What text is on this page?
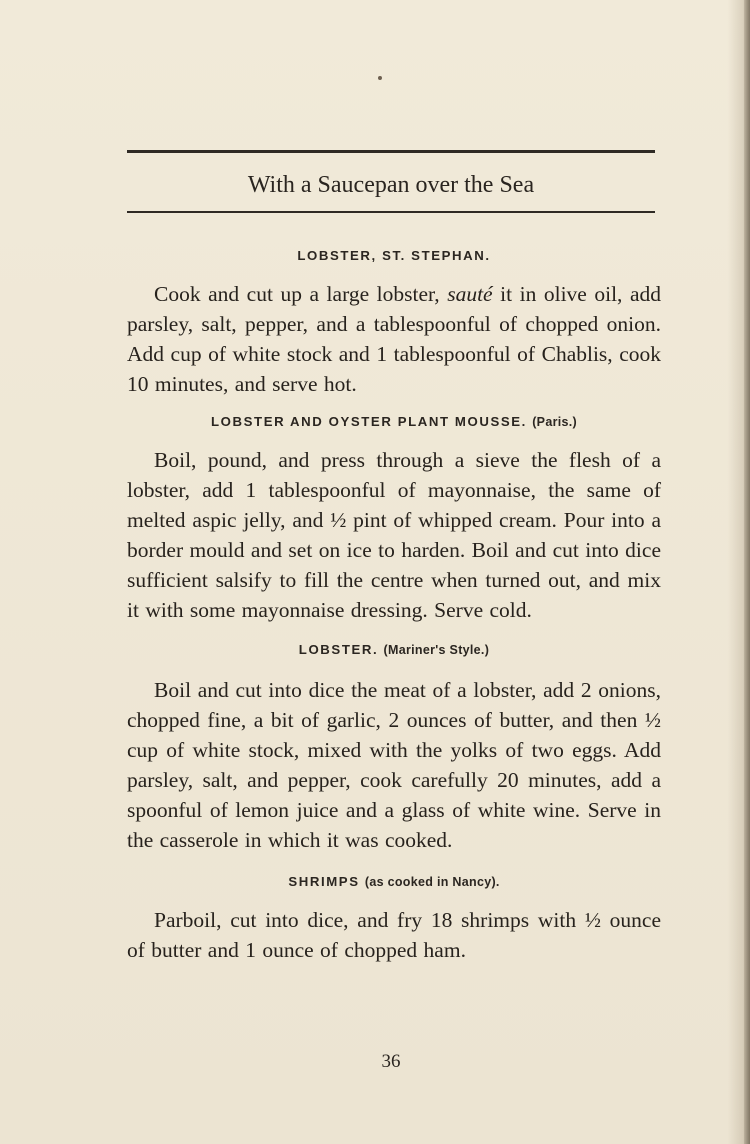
With a Saucepan over the Sea

LOBSTER, ST. STEPHAN.

Cook and cut up a large lobster, sauté it in olive oil, add parsley, salt, pepper, and a tablespoonful of chopped onion. Add cup of white stock and 1 tablespoonful of Chablis, cook 10 minutes, and serve hot.

LOBSTER AND OYSTER PLANT MOUSSE. (Paris.)

Boil, pound, and press through a sieve the flesh of a lobster, add 1 tablespoonful of mayonnaise, the same of melted aspic jelly, and ½ pint of whipped cream. Pour into a border mould and set on ice to harden. Boil and cut into dice sufficient salsify to fill the centre when turned out, and mix it with some mayonnaise dressing. Serve cold.

LOBSTER. (Mariner's Style.)

Boil and cut into dice the meat of a lobster, add 2 onions, chopped fine, a bit of garlic, 2 ounces of butter, and then ½ cup of white stock, mixed with the yolks of two eggs. Add parsley, salt, and pepper, cook carefully 20 minutes, add a spoonful of lemon juice and a glass of white wine. Serve in the casserole in which it was cooked.

SHRIMPS (as cooked in Nancy).

Parboil, cut into dice, and fry 18 shrimps with ½ ounce of butter and 1 ounce of chopped ham.

36
